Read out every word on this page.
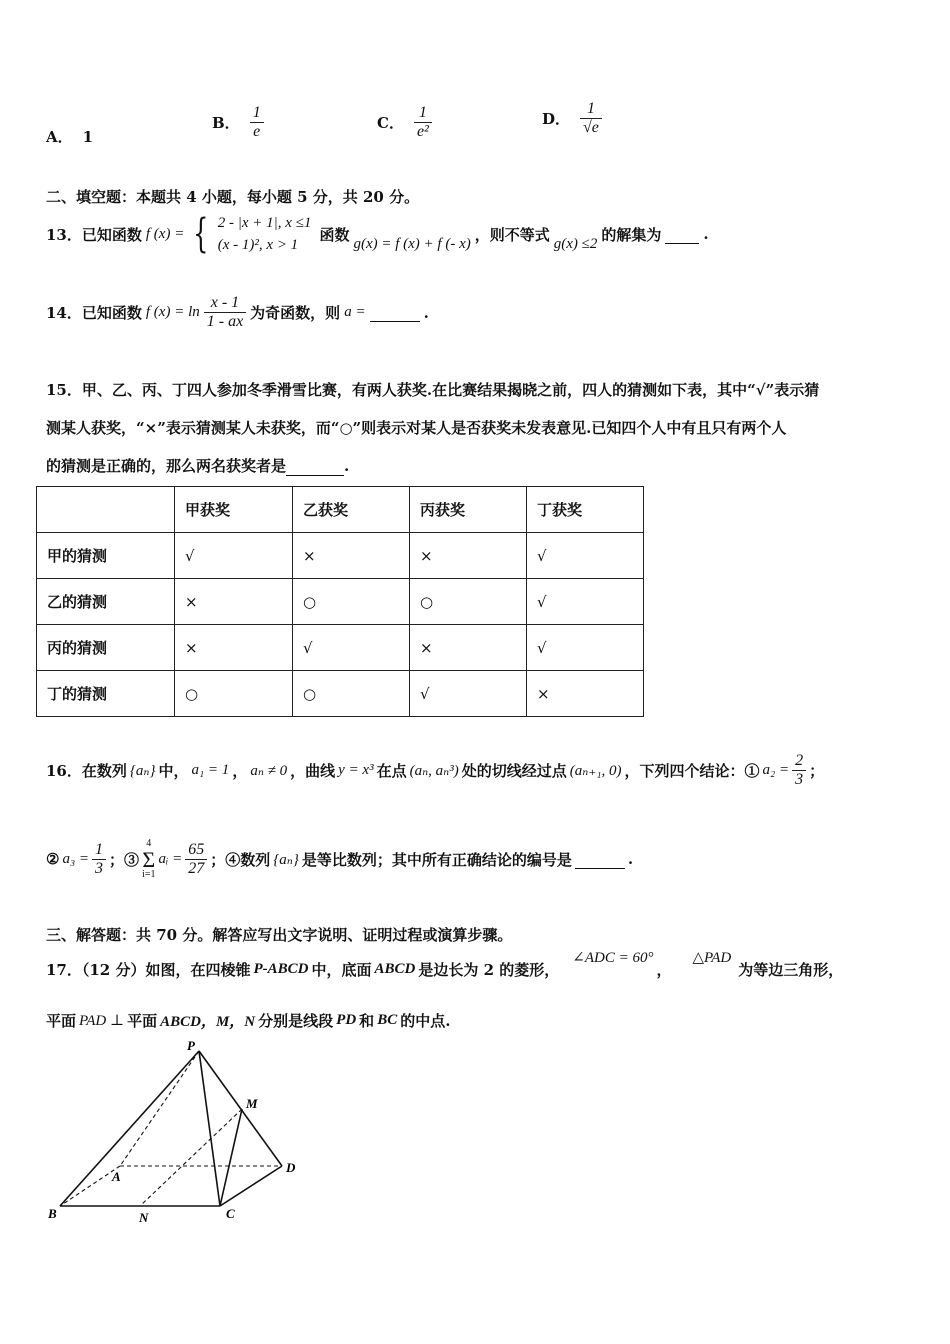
A． 1
B． $\frac{1}{e}$	C． $\frac{1}{\text{e²}}$	D． $\frac{1}{√e}$
二、填空题：本题共 4 小题，每小题 5 分，共 20 分。
13．已知函数 f (x) = { 2 - |x + 1|, x ≤1
(x - 1)², x > 1
函数 g(x) = f (x) + f (- x) ，则不等式 g(x) ≤2 的解集为
	.
14．已知函数 f $(x) = \ln \frac{x - 1}{1 - ax}$ 为奇函数，则 a =
	.
15．甲、乙、丙、丁四人参加冬季滑雪比赛，有两人获奖.在比赛结果揭晓之前，四人的猜测如下表，其中“√”表示猜
测某人获奖，“×”表示猜测某人未获奖，而“○”则表示对某人是否获奖未发表意见.已知四个人中有且只有两个人
的猜测是正确的，那么两名获奖者是	.
	甲获奖	乙获奖	丙获奖	丁获奖
甲的猜测	√	×	×	√
乙的猜测	×	○	○	√
丙的猜测	×	√	×	√
丁的猜测	○	○	√	×
16．在数列 {aₙ} 中， a₁ = 1 ， aₙ ≠ 0 ，曲线 y = x³ 在点 (aₙ, aₙ³) 处的切线经过点 (aₙ₊₁, 0) ，下列四个结论：① $a_2 = \frac{2}{3}$ ；
② $a_3 = \frac{1}{3}$ ；③
4
Σ
i=1
aᵢ = $\frac{65}{27}$ ；④数列 {aₙ} 是等比数列；其中所有正确结论的编号是
	.
三、解答题：共 70 分。解答应写出文字说明、证明过程或演算步骤。
17．（12 分）如图，在四棱锥 P-ABCD 中，底面 ABCD 是边长为 2 的菱形，
∠ADC = 60°
，
△PAD
为等边三角形，
平面 PAD ⊥ 平面 ABCD，M，N 分别是线段 PD 和 BC 的中点.
P
M
A
D
B	N	C
